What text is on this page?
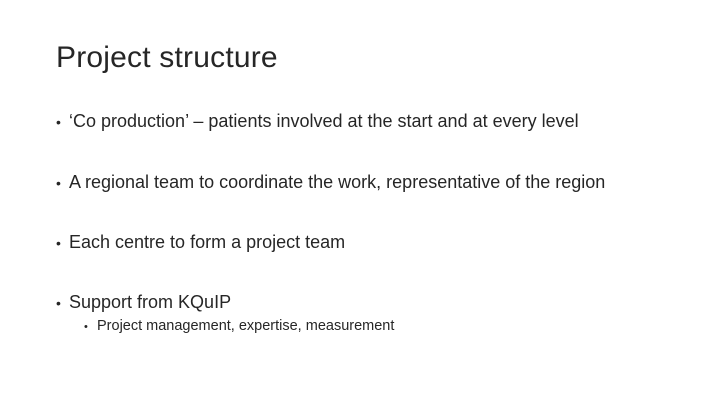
Project structure
• ‘Co production’ – patients involved at the start and at every level
• A regional team to coordinate the work, representative of the region
• Each centre to form a project team
• Support from KQuIP
• Project management, expertise, measurement
